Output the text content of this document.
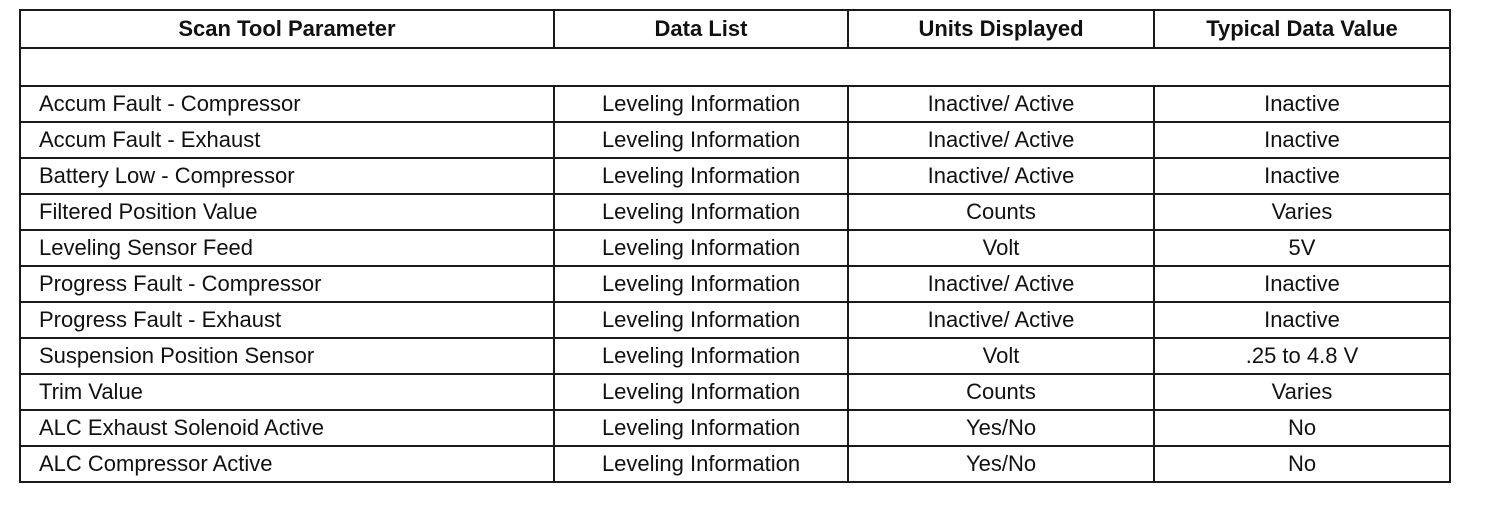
Scan Tool Parameter	Data List	Units Displayed	Typical Data Value

Accum Fault - Compressor	Leveling Information	Inactive/ Active	Inactive
Accum Fault - Exhaust	Leveling Information	Inactive/ Active	Inactive
Battery Low - Compressor	Leveling Information	Inactive/ Active	Inactive
Filtered Position Value	Leveling Information	Counts	Varies
Leveling Sensor Feed	Leveling Information	Volt	5V
Progress Fault - Compressor	Leveling Information	Inactive/ Active	Inactive
Progress Fault - Exhaust	Leveling Information	Inactive/ Active	Inactive
Suspension Position Sensor	Leveling Information	Volt	.25 to 4.8 V
Trim Value	Leveling Information	Counts	Varies
ALC Exhaust Solenoid Active	Leveling Information	Yes/No	No
ALC Compressor Active	Leveling Information	Yes/No	No
